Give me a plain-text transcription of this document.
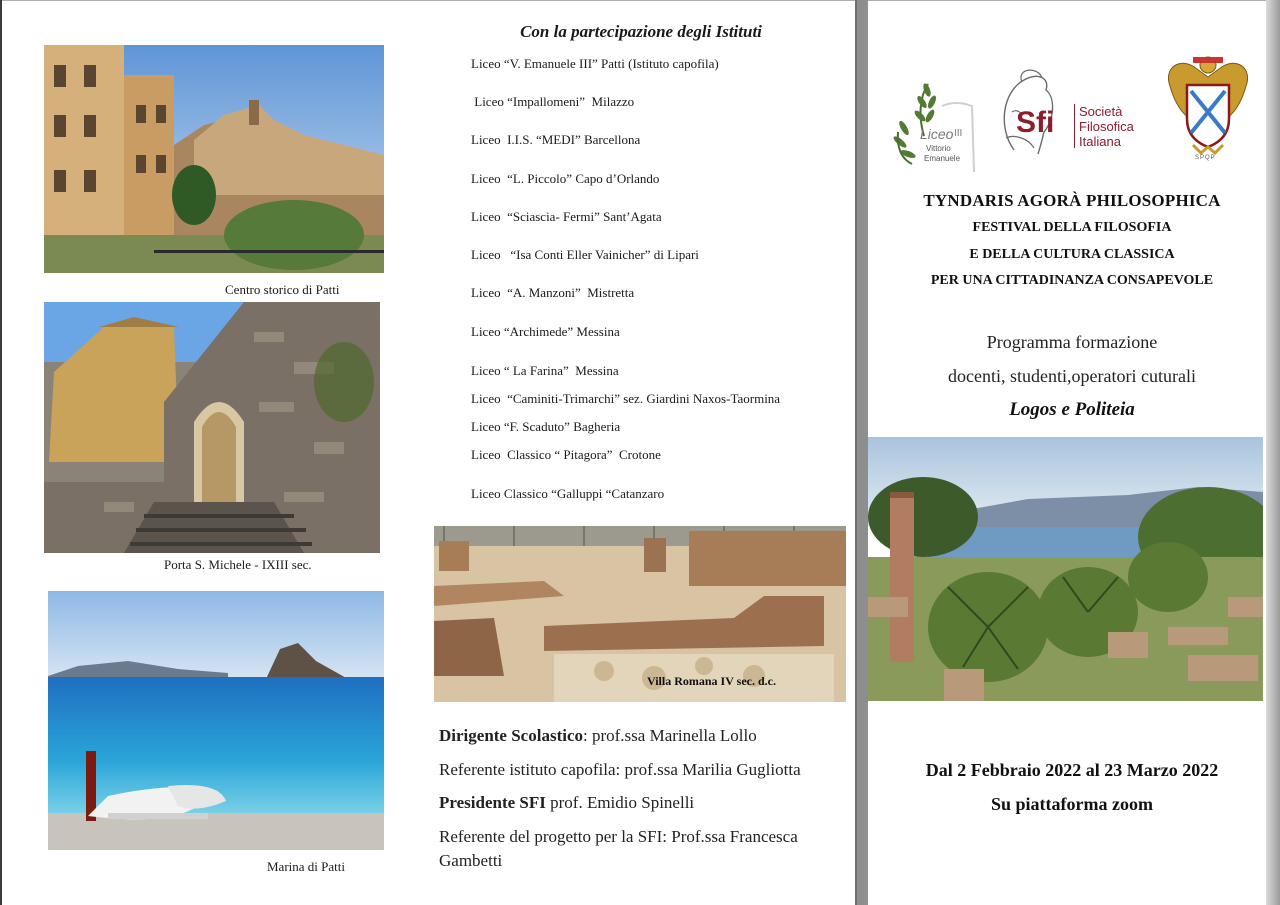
Centro storico di Patti
Porta S. Michele - IXIII sec.
Marina di Patti
Con la partecipazione degli Istituti
Liceo “V. Emanuele III” Patti (Istituto capofila)
Liceo “Impallomeni”  Milazzo
Liceo  I.I.S. “MEDI” Barcellona
Liceo  “L. Piccolo” Capo d’Orlando
Liceo  “Sciascia- Fermi” Sant’Agata
Liceo   “Isa Conti Eller Vainicher” di Lipari
Liceo  “A. Manzoni”  Mistretta
Liceo “Archimede” Messina
Liceo “ La Farina”  Messina
Liceo  “Caminiti-Trimarchi” sez. Giardini Naxos-Taormina
Liceo “F. Scaduto” Bagheria
Liceo  Classico “ Pitagora”  Crotone
Liceo Classico “Galluppi “Catanzaro
Villa Romana IV sec. d.c.
Dirigente Scolastico: prof.ssa Marinella Lollo
Referente istituto capofila: prof.ssa Marilia Gugliotta
Presidente SFI prof. Emidio Spinelli
Referente del progetto per la SFI: Prof.ssa Francesca
Gambetti
Liceo III
Vittorio
Emanuele
Sfi Società
Filosofica
Italiana
SPQP
TYNDARIS AGORÀ PHILOSOPHICA
FESTIVAL DELLA FILOSOFIA
E DELLA CULTURA CLASSICA
PER UNA CITTADINANZA CONSAPEVOLE
Programma formazione
docenti, studenti,operatori cuturali
Logos e Politeia
Dal 2 Febbraio 2022 al 23 Marzo 2022
Su piattaforma zoom
